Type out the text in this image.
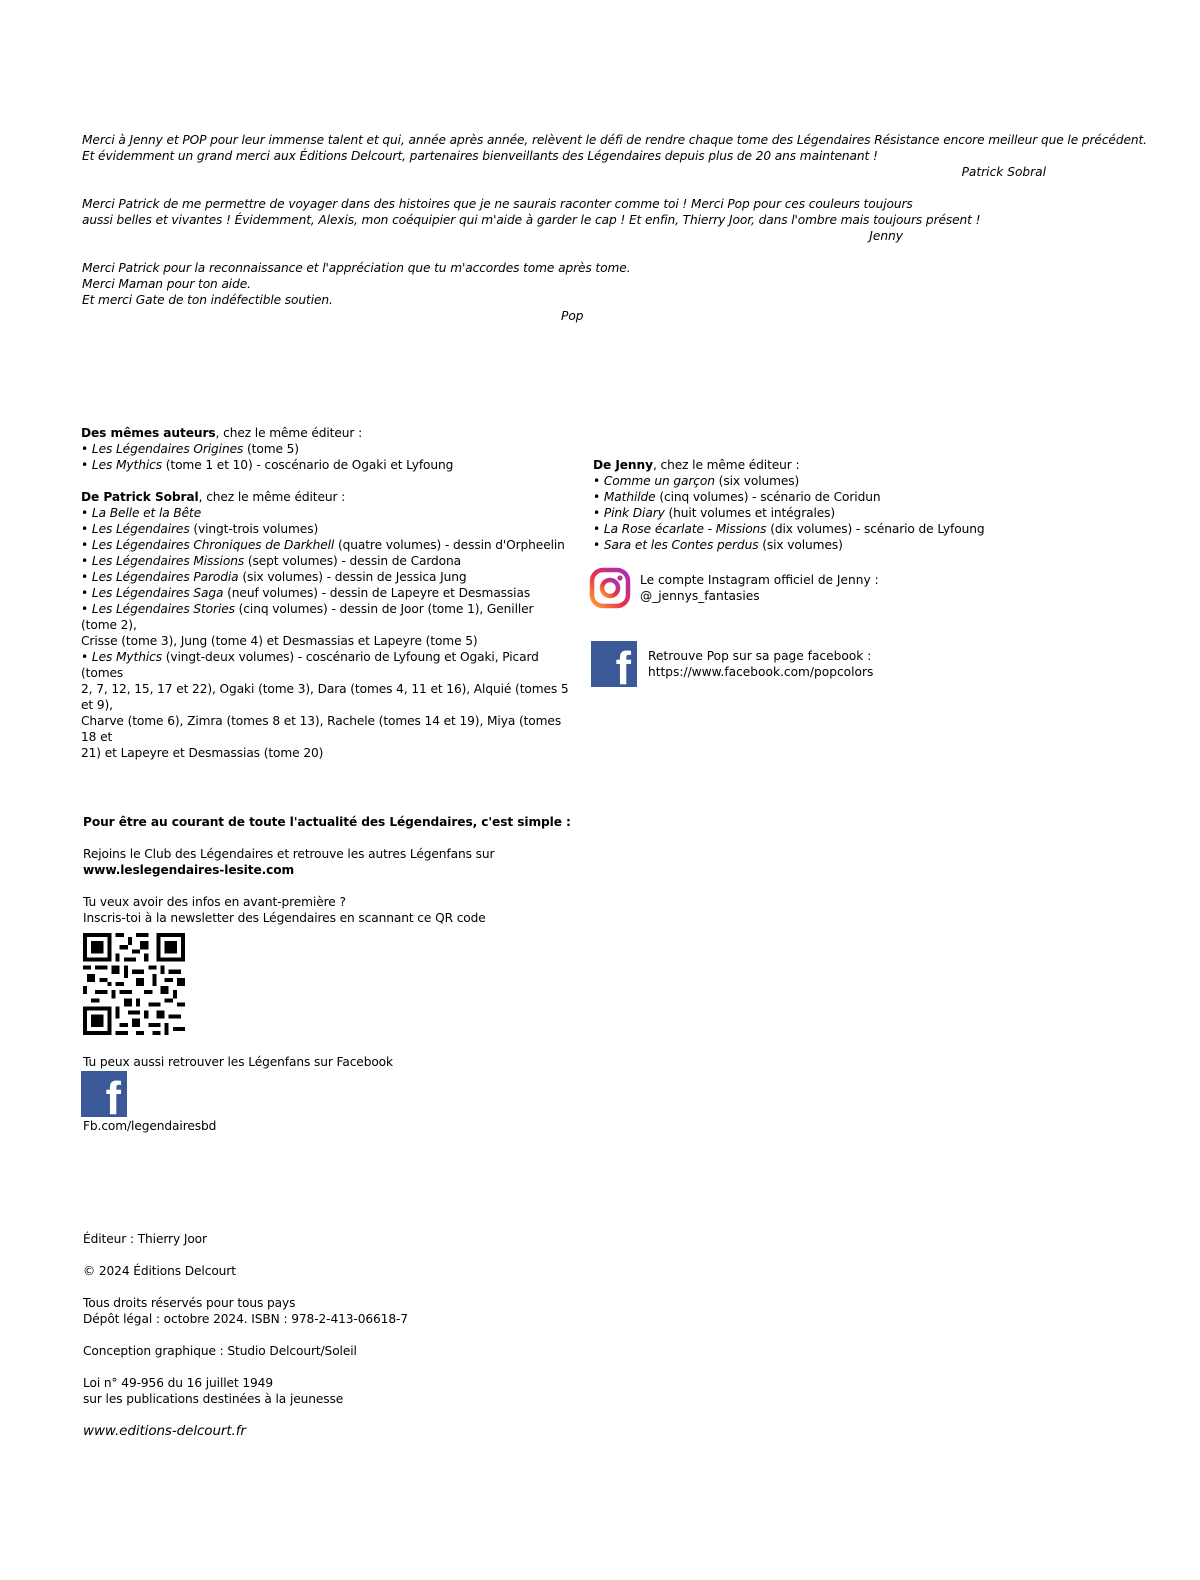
Merci à Jenny et POP pour leur immense talent et qui, année après année, relèvent le défi de rendre chaque tome des Légendaires Résistance encore meilleur que le précédent.

Et évidemment un grand merci aux Éditions Delcourt, partenaires bienveillants des Légendaires depuis plus de 20 ans maintenant !

Patrick Sobral

Merci Patrick de me permettre de voyager dans des histoires que je ne saurais raconter comme toi ! Merci Pop pour ces couleurs toujours

aussi belles et vivantes ! Évidemment, Alexis, mon coéquipier qui m'aide à garder le cap ! Et enfin, Thierry Joor, dans l'ombre mais toujours présent !

Jenny

Merci Patrick pour la reconnaissance et l'appréciation que tu m'accordes tome après tome.

Merci Maman pour ton aide.

Et merci Gate de ton indéfectible soutien.

Pop

Des mêmes auteurs, chez le même éditeur :

• Les Légendaires Origines (tome 5)

• Les Mythics (tome 1 et 10) - coscénario de Ogaki et Lyfoung

De Patrick Sobral, chez le même éditeur :

• La Belle et la Bête

• Les Légendaires (vingt-trois volumes)

• Les Légendaires Chroniques de Darkhell (quatre volumes) - dessin d'Orpheelin

• Les Légendaires Missions (sept volumes) - dessin de Cardona

• Les Légendaires Parodia (six volumes) - dessin de Jessica Jung

• Les Légendaires Saga (neuf volumes) - dessin de Lapeyre et Desmassias

• Les Légendaires Stories (cinq volumes) - dessin de Joor (tome 1), Geniller (tome 2),

Crisse (tome 3), Jung (tome 4) et Desmassias et Lapeyre (tome 5)

• Les Mythics (vingt-deux volumes) - coscénario de Lyfoung et Ogaki, Picard (tomes

2, 7, 12, 15, 17 et 22), Ogaki (tome 3), Dara (tomes 4, 11 et 16), Alquié (tomes 5 et 9),

Charve (tome 6), Zimra (tomes 8 et 13), Rachele (tomes 14 et 19), Miya (tomes 18 et

21) et Lapeyre et Desmassias (tome 20)

De Jenny, chez le même éditeur :

• Comme un garçon (six volumes)

• Mathilde (cinq volumes) - scénario de Coridun

• Pink Diary (huit volumes et intégrales)

• La Rose écarlate - Missions (dix volumes) - scénario de Lyfoung

• Sara et les Contes perdus (six volumes)

Le compte Instagram officiel de Jenny :

@_jennys_fantasies

f Retrouve Pop sur sa page facebook :

https://www.facebook.com/popcolors

Pour être au courant de toute l'actualité des Légendaires, c'est simple :

Rejoins le Club des Légendaires et retrouve les autres Légenfans sur

www.leslegendaires-lesite.com

Tu veux avoir des infos en avant-première ?

Inscris-toi à la newsletter des Légendaires en scannant ce QR code

Tu peux aussi retrouver les Légenfans sur Facebook
f
Fb.com/legendairesbd

Éditeur : Thierry Joor

© 2024 Éditions Delcourt

Tous droits réservés pour tous pays

Dépôt légal : octobre 2024. ISBN : 978-2-413-06618-7

Conception graphique : Studio Delcourt/Soleil

Loi n° 49-956 du 16 juillet 1949

sur les publications destinées à la jeunesse

www.editions-delcourt.fr
